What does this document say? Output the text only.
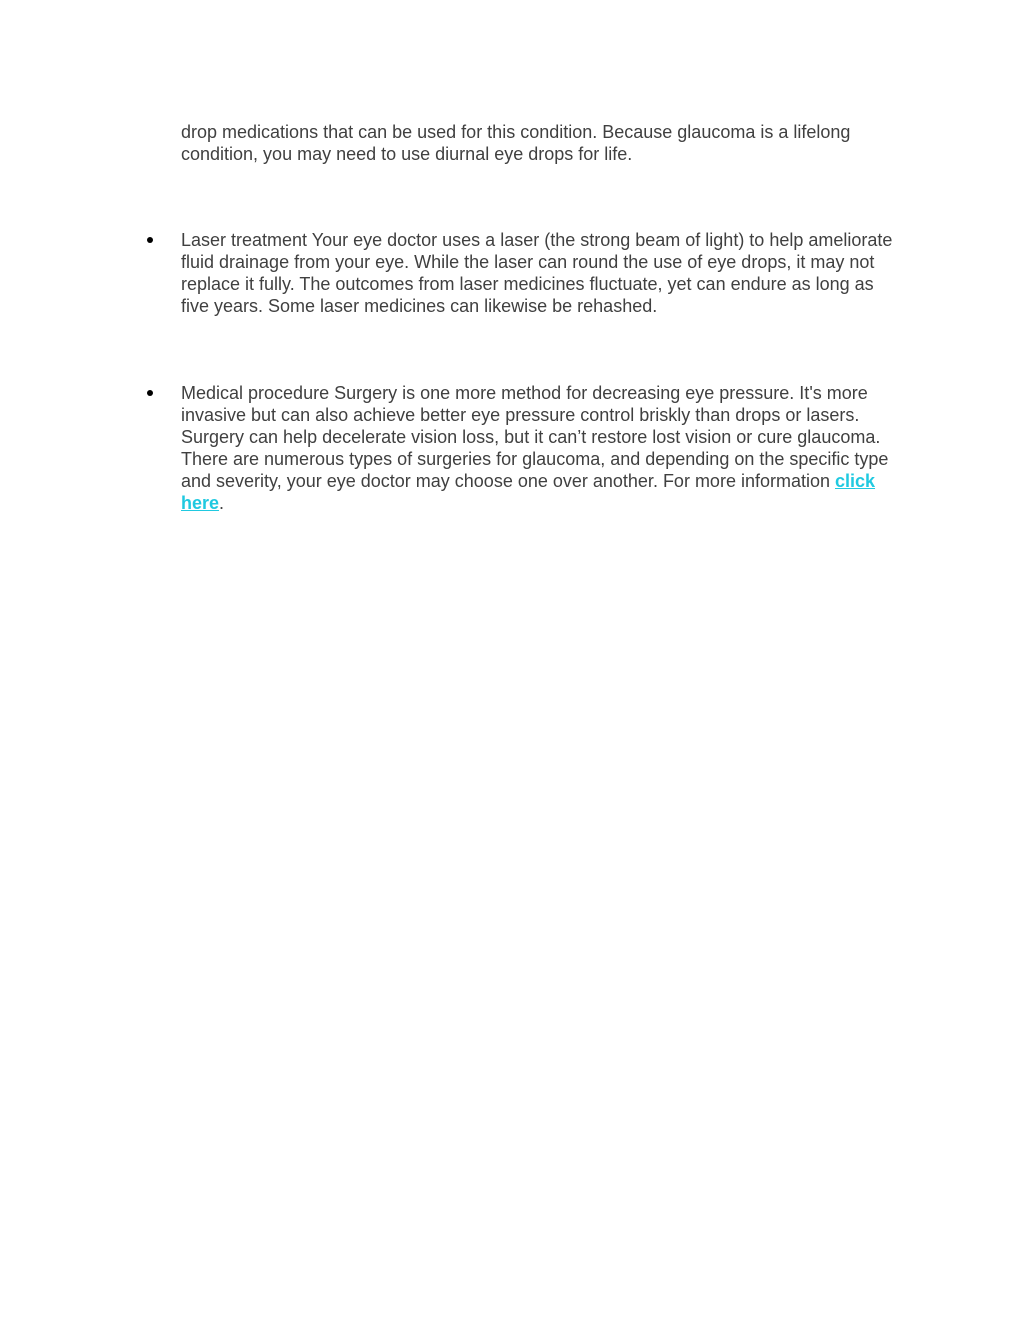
drop medications that can be used for this condition. Because glaucoma is a lifelong condition, you may need to use diurnal eye drops for life.

Laser treatment Your eye doctor uses a laser (the strong beam of light) to help ameliorate fluid drainage from your eye. While the laser can round the use of eye drops, it may not replace it fully. The outcomes from laser medicines fluctuate, yet can endure as long as five years. Some laser medicines can likewise be rehashed.

Medical procedure Surgery is one more method for decreasing eye pressure. It's more invasive but can also achieve better eye pressure control briskly than drops or lasers. Surgery can help decelerate vision loss, but it can’t restore lost vision or cure glaucoma. There are numerous types of surgeries for glaucoma, and depending on the specific type and severity, your eye doctor may choose one over another. For more information click here.
